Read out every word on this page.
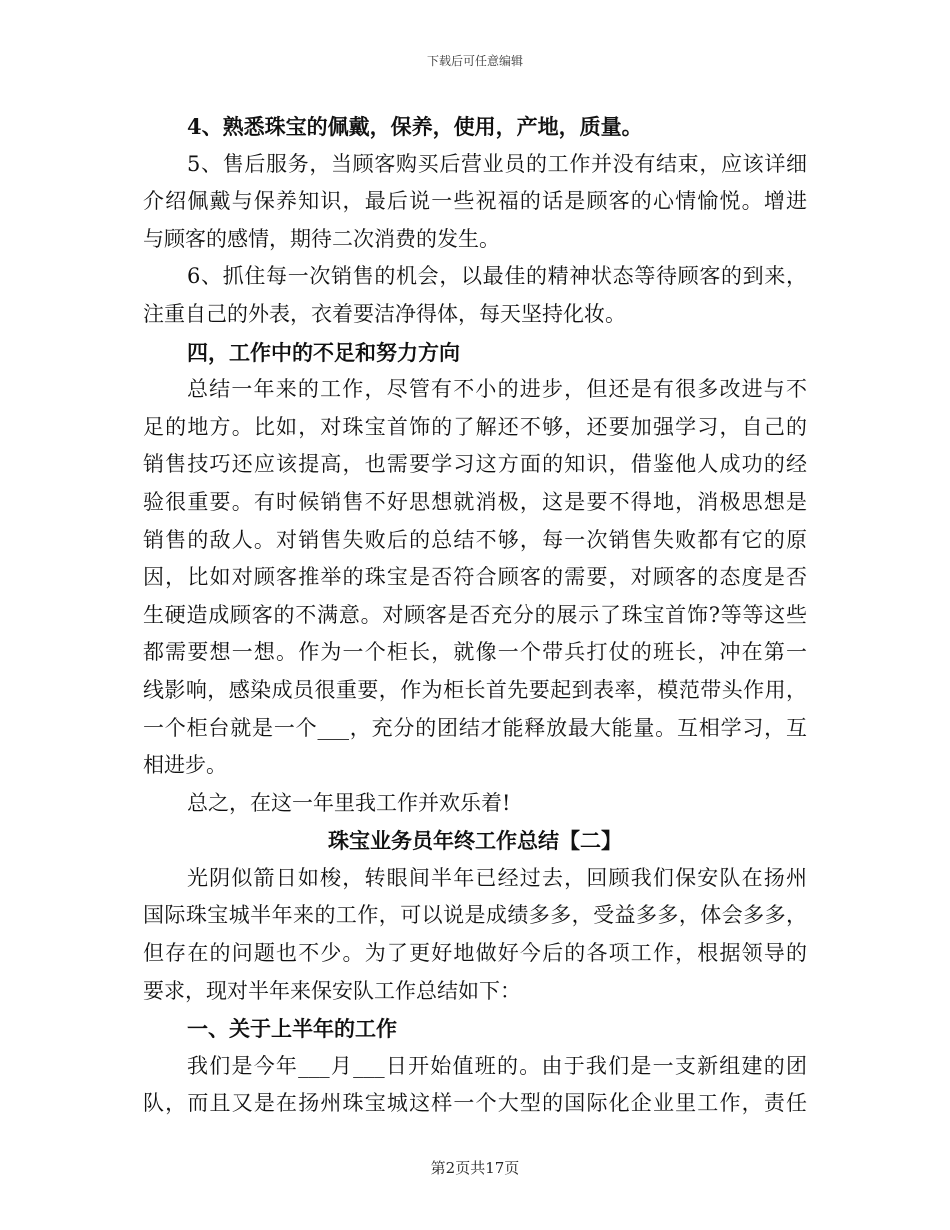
下载后可任意编辑
4、熟悉珠宝的佩戴，保养，使用，产地，质量。
5、售后服务，当顾客购买后营业员的工作并没有结束，应该详细
介绍佩戴与保养知识，最后说一些祝福的话是顾客的心情愉悦。增进
与顾客的感情，期待二次消费的发生。
6、抓住每一次销售的机会，以最佳的精神状态等待顾客的到来，
注重自己的外表，衣着要洁净得体，每天坚持化妆。
四，工作中的不足和努力方向
总结一年来的工作，尽管有不小的进步，但还是有很多改进与不
足的地方。比如，对珠宝首饰的了解还不够，还要加强学习，自己的
销售技巧还应该提高，也需要学习这方面的知识，借鉴他人成功的经
验很重要。有时候销售不好思想就消极，这是要不得地，消极思想是
销售的敌人。对销售失败后的总结不够，每一次销售失败都有它的原
因，比如对顾客推举的珠宝是否符合顾客的需要，对顾客的态度是否
生硬造成顾客的不满意。对顾客是否充分的展示了珠宝首饰?等等这些
都需要想一想。作为一个柜长，就像一个带兵打仗的班长，冲在第一
线影响，感染成员很重要，作为柜长首先要起到表率，模范带头作用，
一个柜台就是一个___，充分的团结才能释放最大能量。互相学习，互
相进步。
总之，在这一年里我工作并欢乐着!
珠宝业务员年终工作总结【二】
光阴似箭日如梭，转眼间半年已经过去，回顾我们保安队在扬州
国际珠宝城半年来的工作，可以说是成绩多多，受益多多，体会多多，
但存在的问题也不少。为了更好地做好今后的各项工作，根据领导的
要求，现对半年来保安队工作总结如下：
一、关于上半年的工作
我们是今年___月___日开始值班的。由于我们是一支新组建的团
队，而且又是在扬州珠宝城这样一个大型的国际化企业里工作，责任
第2页共17页
